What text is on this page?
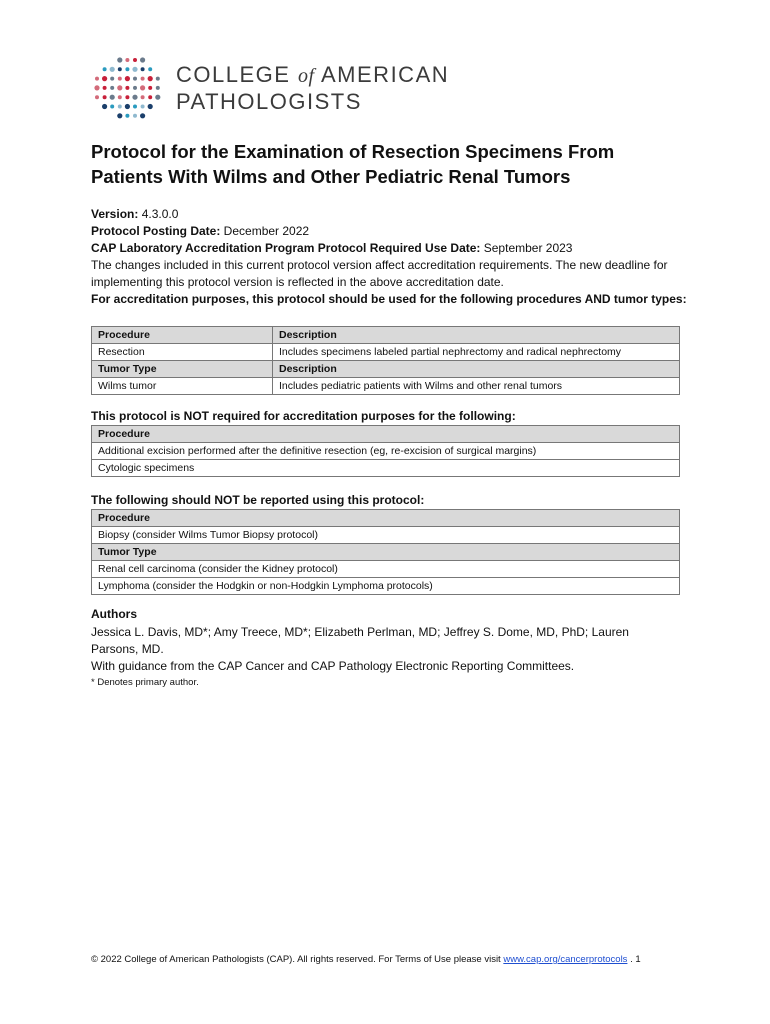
COLLEGE of AMERICAN
PATHOLOGISTS
Protocol for the Examination of Resection Specimens From
Patients With Wilms and Other Pediatric Renal Tumors

Version: 4.3.0.0

Protocol Posting Date: December 2022

CAP Laboratory Accreditation Program Protocol Required Use Date: September 2023

The changes included in this current protocol version affect accreditation requirements. The new deadline for implementing this protocol version is reflected in the above accreditation date.

For accreditation purposes, this protocol should be used for the following procedures AND tumor types:

Procedure	Description
Resection	Includes specimens labeled partial nephrectomy and radical nephrectomy
Tumor Type	Description
Wilms tumor	Includes pediatric patients with Wilms and other renal tumors
This protocol is NOT required for accreditation purposes for the following:
Procedure
Additional excision performed after the definitive resection (eg, re-excision of surgical margins)
Cytologic specimens
The following should NOT be reported using this protocol:
Procedure
Biopsy (consider Wilms Tumor Biopsy protocol)
Tumor Type
Renal cell carcinoma (consider the Kidney protocol)
Lymphoma (consider the Hodgkin or non-Hodgkin Lymphoma protocols)

Authors

Jessica L. Davis, MD*; Amy Treece, MD*; Elizabeth Perlman, MD; Jeffrey S. Dome, MD, PhD; Lauren Parsons, MD.

With guidance from the CAP Cancer and CAP Pathology Electronic Reporting Committees.

* Denotes primary author.

© 2022 College of American Pathologists (CAP). All rights reserved. For Terms of Use please visit www.cap.org/cancerprotocols . 1
